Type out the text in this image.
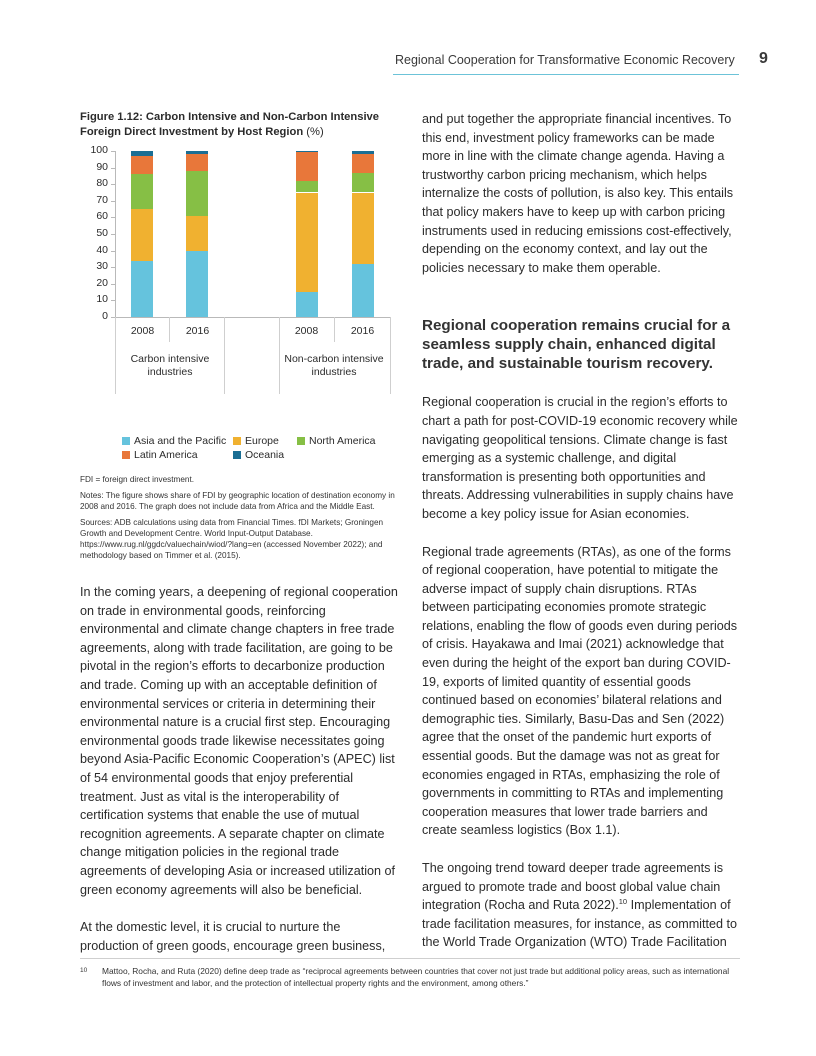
Regional Cooperation for Transformative Economic Recovery 9

Figure 1.12: Carbon Intensive and Non-Carbon Intensive Foreign Direct Investment by Host Region (%)

100
90
80
70
60
50
40
30
20
10
0
2008	2016	2008	2016
Carbon intensive industries
Non-carbon intensive industries
Asia and the Pacific Europe	North America
Latin America	Oceania

FDI = foreign direct investment.

Notes: The figure shows share of FDI by geographic location of destination economy in 2008 and 2016. The graph does not include data from Africa and the Middle East.

Sources: ADB calculations using data from Financial Times. fDI Markets; Groningen Growth and Development Centre. World Input-Output Database. https://www.rug.nl/ggdc/valuechain/wiod/?lang=en (accessed November 2022); and methodology based on Timmer et al. (2015).

In the coming years, a deepening of regional cooperation on trade in environmental goods, reinforcing environmental and climate change chapters in free trade agreements, along with trade facilitation, are going to be pivotal in the region’s efforts to decarbonize production and trade. Coming up with an acceptable definition of environmental services or criteria in determining their environmental nature is a crucial first step. Encouraging environmental goods trade likewise necessitates going beyond Asia-Pacific Economic Cooperation’s (APEC) list of 54 environmental goods that enjoy preferential treatment. Just as vital is the interoperability of certification systems that enable the use of mutual recognition agreements. A separate chapter on climate change mitigation policies in the regional trade agreements of developing Asia or increased utilization of green economy agreements will also be beneficial.

At the domestic level, it is crucial to nurture the production of green goods, encourage green business,

and put together the appropriate financial incentives. To this end, investment policy frameworks can be made more in line with the climate change agenda. Having a trustworthy carbon pricing mechanism, which helps internalize the costs of pollution, is also key. This entails that policy makers have to keep up with carbon pricing instruments used in reducing emissions cost-effectively, depending on the economy context, and lay out the policies necessary to make them operable.

Regional cooperation remains crucial for a seamless supply chain, enhanced digital trade, and sustainable tourism recovery.

Regional cooperation is crucial in the region’s efforts to chart a path for post-COVID-19 economic recovery while navigating geopolitical tensions. Climate change is fast emerging as a systemic challenge, and digital transformation is presenting both opportunities and threats. Addressing vulnerabilities in supply chains have become a key policy issue for Asian economies.

Regional trade agreements (RTAs), as one of the forms of regional cooperation, have potential to mitigate the adverse impact of supply chain disruptions. RTAs between participating economies promote strategic relations, enabling the flow of goods even during periods of crisis. Hayakawa and Imai (2021) acknowledge that even during the height of the export ban during COVID-19, exports of limited quantity of essential goods continued based on economies’ bilateral relations and demographic ties. Similarly, Basu-Das and Sen (2022) agree that the onset of the pandemic hurt exports of essential goods. But the damage was not as great for economies engaged in RTAs, emphasizing the role of governments in committing to RTAs and implementing cooperation measures that lower trade barriers and create seamless logistics (Box 1.1).

The ongoing trend toward deeper trade agreements is argued to promote trade and boost global value chain integration (Rocha and Ruta 2022).$^{10}$ Implementation of trade facilitation measures, for instance, as committed to the World Trade Organization (WTO) Trade Facilitation

10 Mattoo, Rocha, and Ruta (2020) define deep trade as “reciprocal agreements between countries that cover not just trade but additional policy areas, such as international flows of investment and labor, and the protection of intellectual property rights and the environment, among others.”
